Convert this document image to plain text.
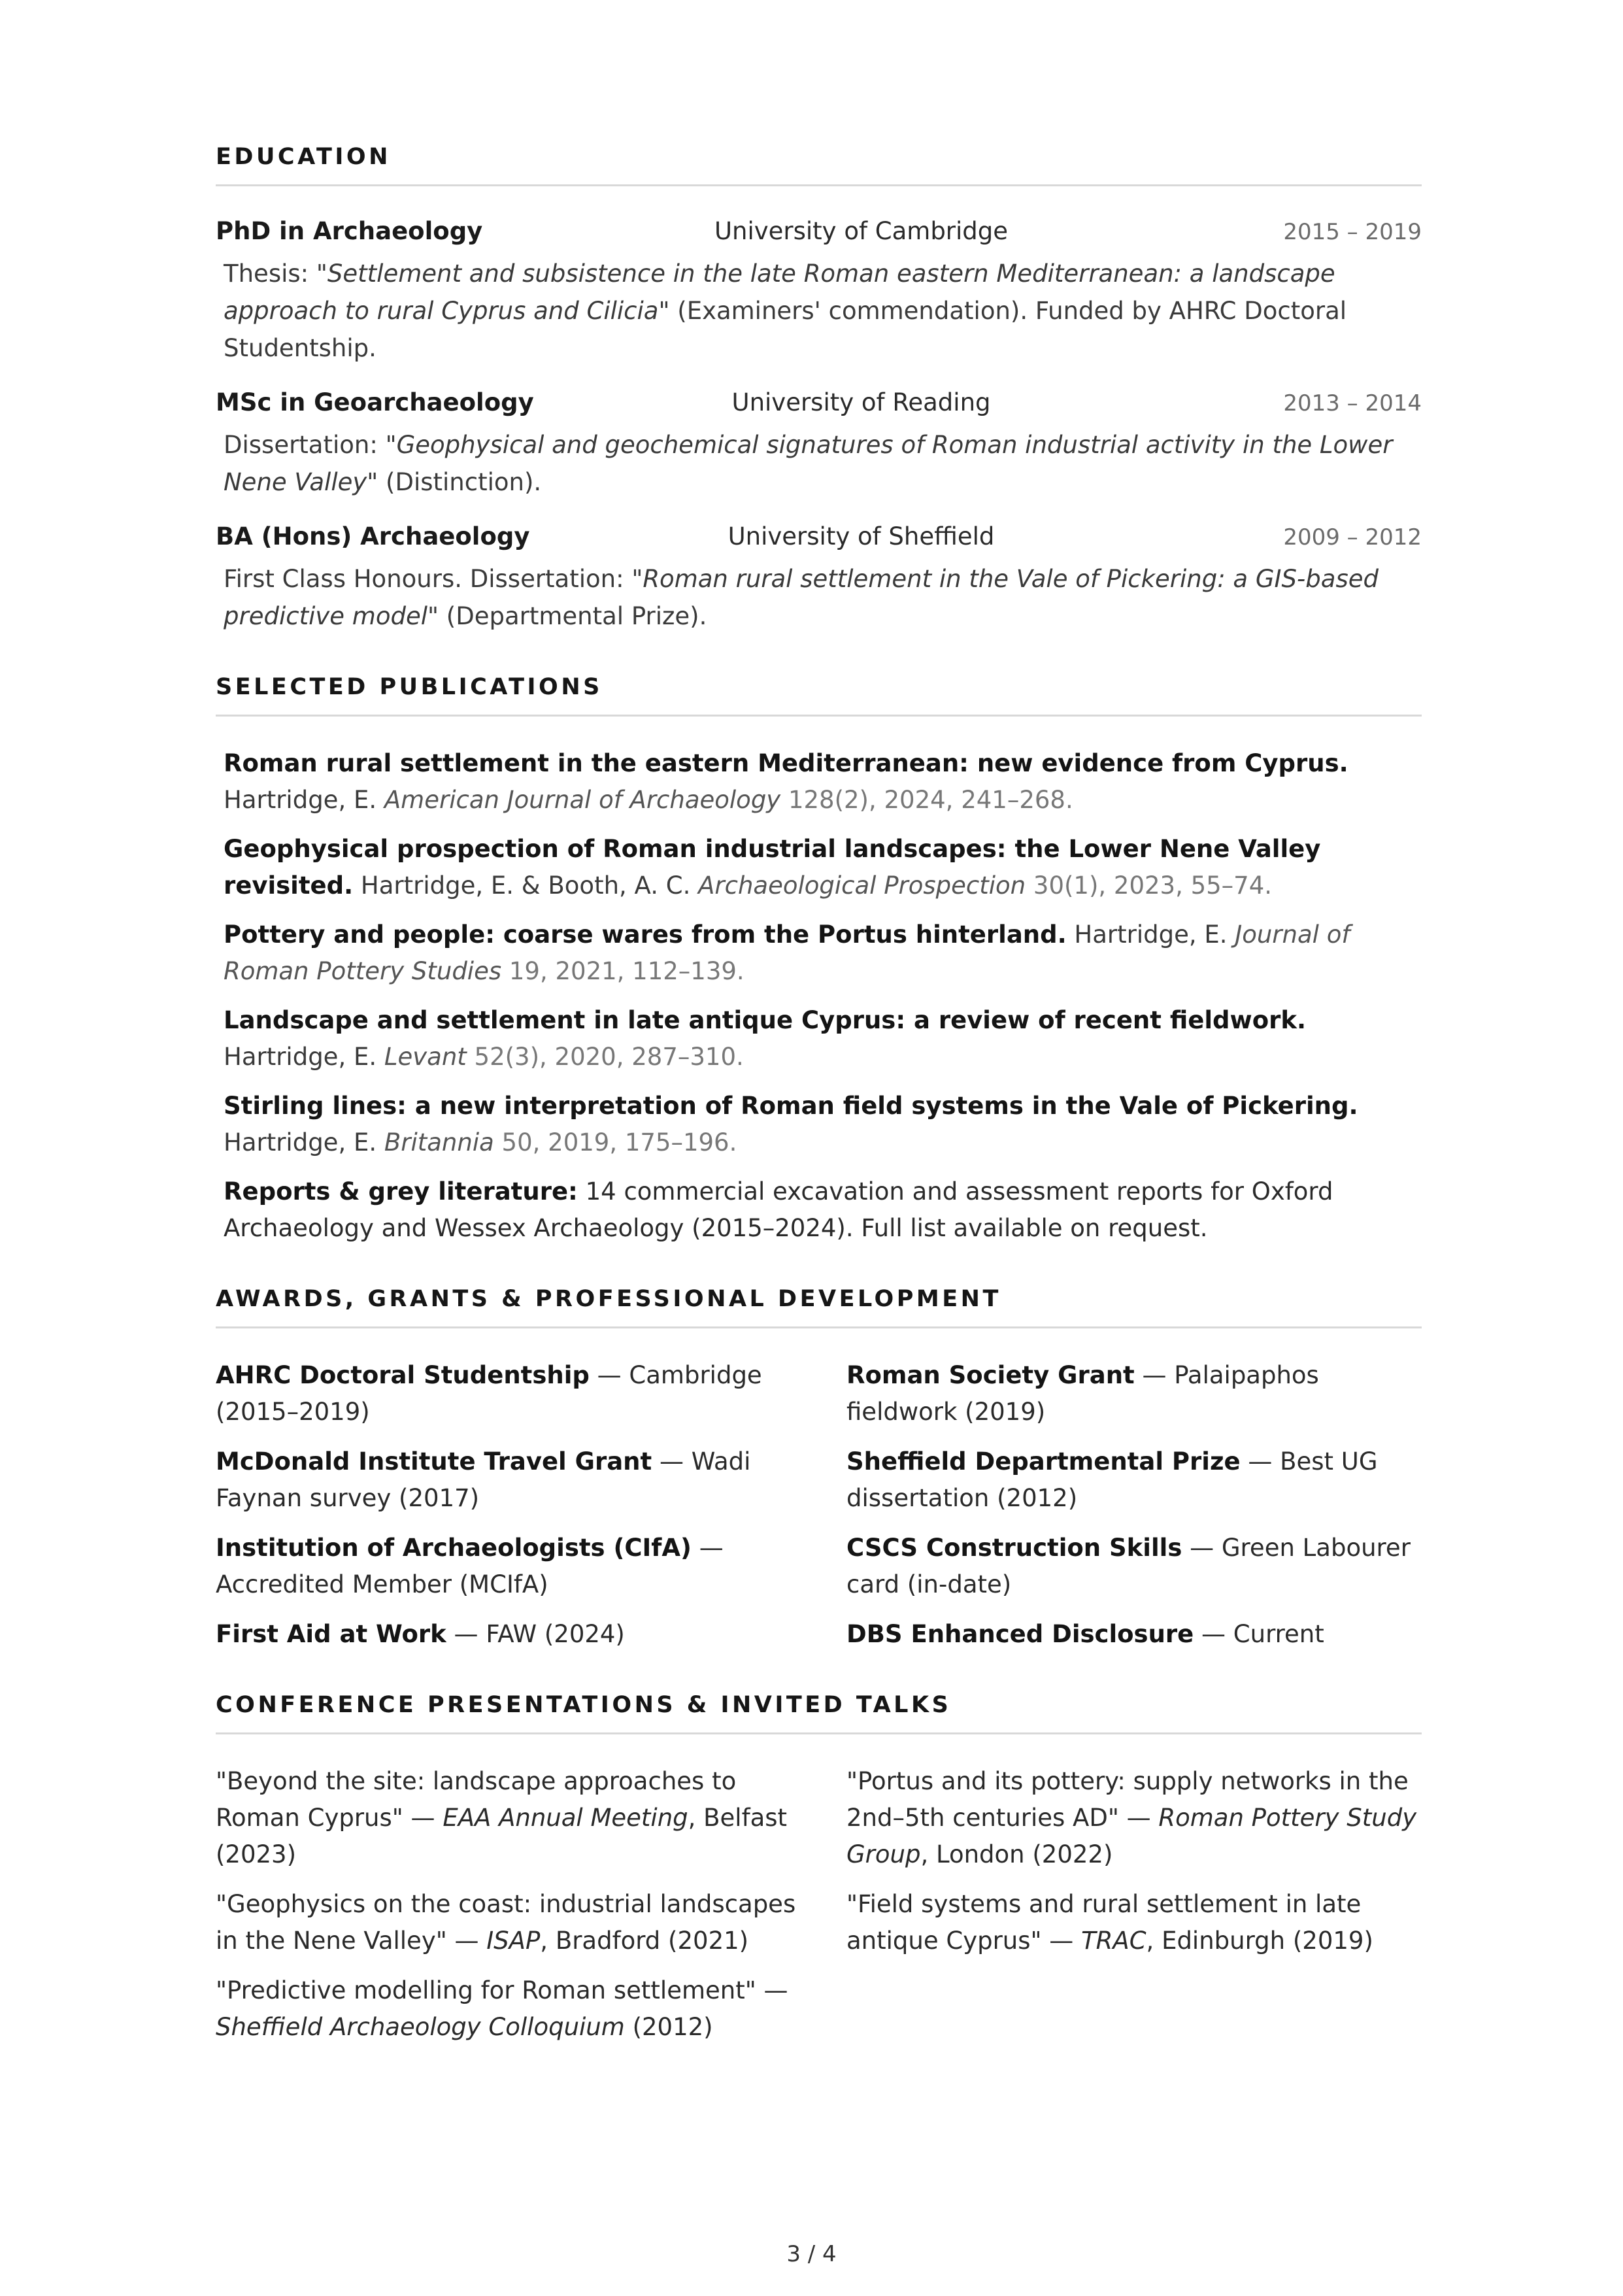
EDUCATION
PhD in Archaeology	University of Cambridge	2015 – 2019
Thesis: "Settlement and subsistence in the late Roman eastern Mediterranean: a landscape approach to rural Cyprus and Cilicia" (Examiners' commendation). Funded by AHRC Doctoral Studentship.
MSc in Geoarchaeology	University of Reading	2013 – 2014
Dissertation: "Geophysical and geochemical signatures of Roman industrial activity in the Lower Nene Valley" (Distinction).
BA (Hons) Archaeology	University of Sheffield	2009 – 2012
First Class Honours. Dissertation: "Roman rural settlement in the Vale of Pickering: a GIS-based predictive model" (Departmental Prize).
SELECTED PUBLICATIONS
Roman rural settlement in the eastern Mediterranean: new evidence from Cyprus. Hartridge, E. American Journal of Archaeology 128(2), 2024, 241–268.
Geophysical prospection of Roman industrial landscapes: the Lower Nene Valley revisited. Hartridge, E. & Booth, A. C. Archaeological Prospection 30(1), 2023, 55–74.
Pottery and people: coarse wares from the Portus hinterland. Hartridge, E. Journal of Roman Pottery Studies 19, 2021, 112–139.
Landscape and settlement in late antique Cyprus: a review of recent fieldwork. Hartridge, E. Levant 52(3), 2020, 287–310.
Stirling lines: a new interpretation of Roman field systems in the Vale of Pickering. Hartridge, E. Britannia 50, 2019, 175–196.
Reports & grey literature: 14 commercial excavation and assessment reports for Oxford Archaeology and Wessex Archaeology (2015–2024). Full list available on request.
AWARDS, GRANTS & PROFESSIONAL DEVELOPMENT
AHRC Doctoral Studentship — Cambridge (2015–2019)
Roman Society Grant — Palaipaphos fieldwork (2019)
McDonald Institute Travel Grant — Wadi Faynan survey (2017)
Sheffield Departmental Prize — Best UG dissertation (2012)
Institution of Archaeologists (CIfA) — Accredited Member (MCIfA)
CSCS Construction Skills — Green Labourer card (in-date)
First Aid at Work — FAW (2024)	DBS Enhanced Disclosure — Current
CONFERENCE PRESENTATIONS & INVITED TALKS
"Beyond the site: landscape approaches to Roman Cyprus" — EAA Annual Meeting, Belfast (2023)
"Portus and its pottery: supply networks in the 2nd–5th centuries AD" — Roman Pottery Study Group, London (2022)
"Geophysics on the coast: industrial landscapes in the Nene Valley" — ISAP, Bradford (2021)
"Field systems and rural settlement in late antique Cyprus" — TRAC, Edinburgh (2019)
"Predictive modelling for Roman settlement" — Sheffield Archaeology Colloquium (2012)
3 / 4
